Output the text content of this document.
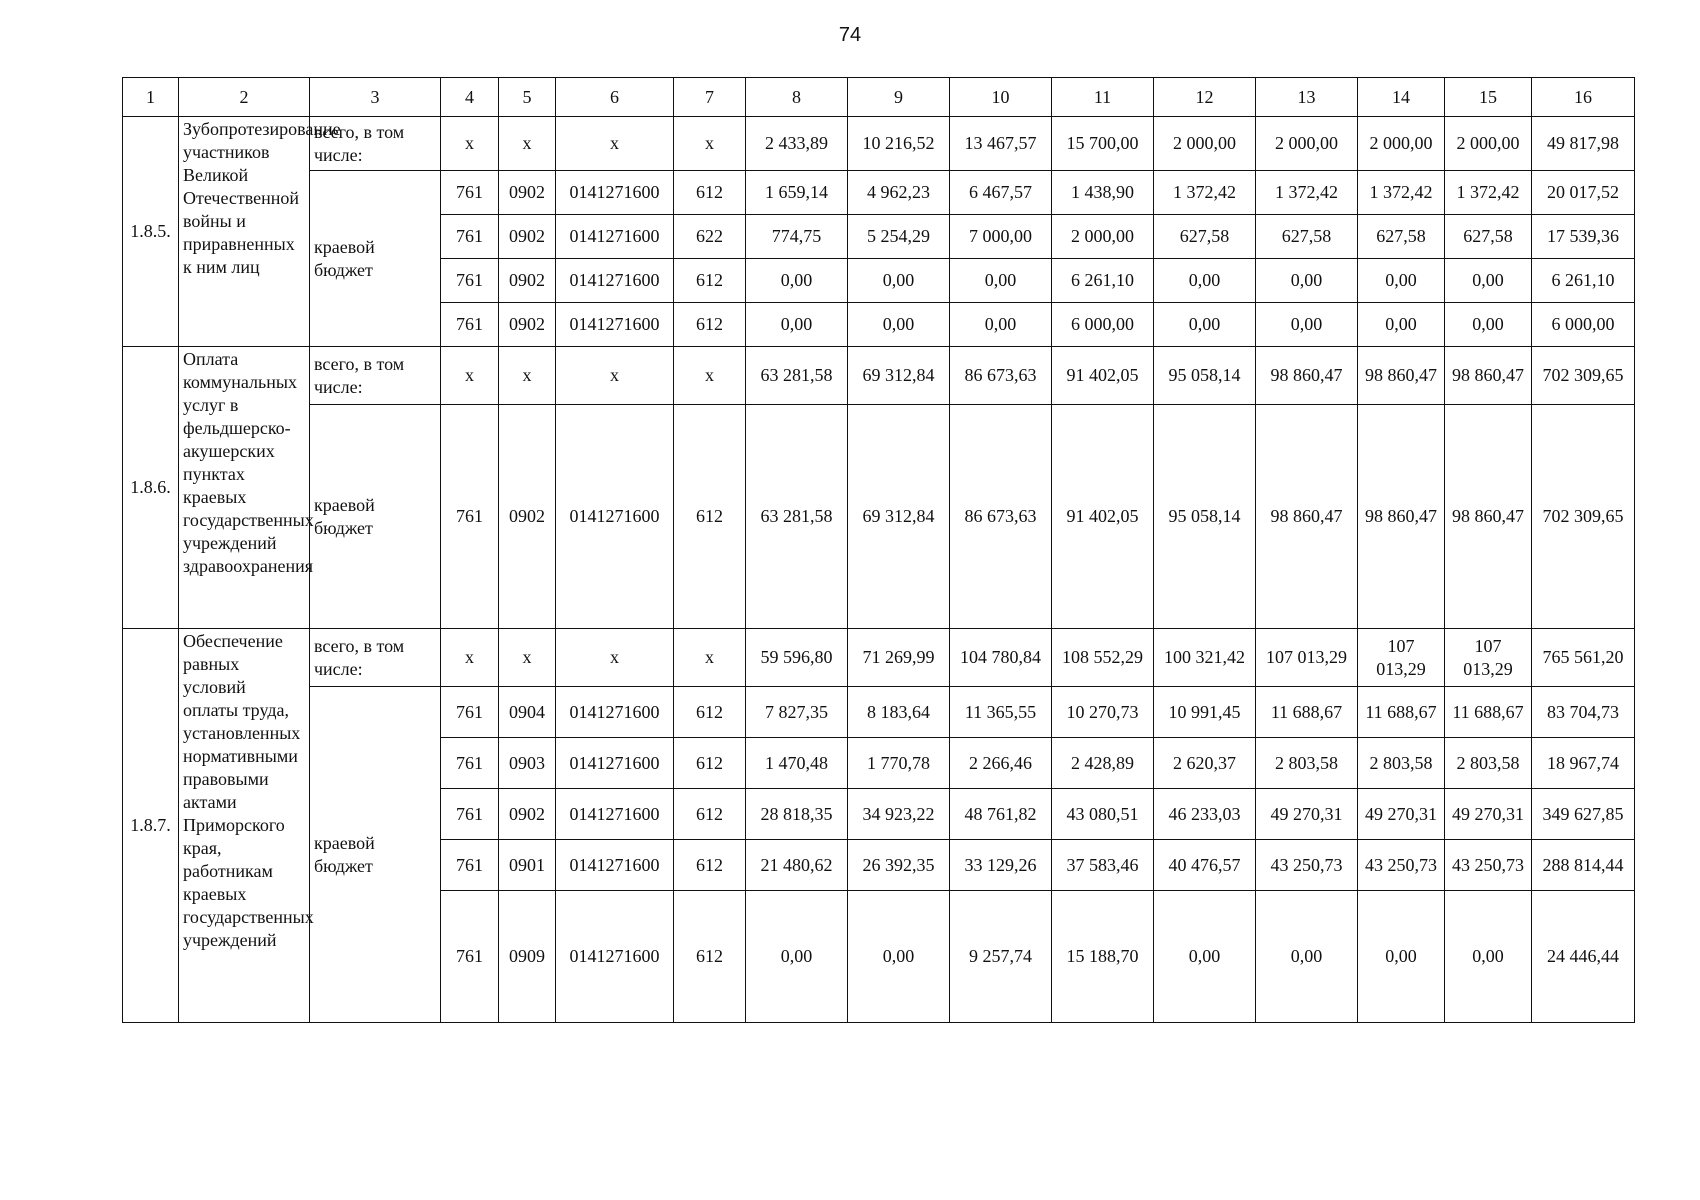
74
1	2	3	4	5	6	7	8	9	10	11	12	13	14	15	16
1.8.5.	Зубопротезирование участников Великой Отечественной войны и приравненных к ним лиц	всего, в том числе:	х	х	х	х	2 433,89	10 216,52	13 467,57	15 700,00	2 000,00	2 000,00	2 000,00	2 000,00	49 817,98
		краевой бюджет	761	0902	0141271600	612	1 659,14	4 962,23	6 467,57	1 438,90	1 372,42	1 372,42	1 372,42	1 372,42	20 017,52
			761	0902	0141271600	622	774,75	5 254,29	7 000,00	2 000,00	627,58	627,58	627,58	627,58	17 539,36
			761	0902	0141271600	612	0,00	0,00	0,00	6 261,10	0,00	0,00	0,00	0,00	6 261,10
			761	0902	0141271600	612	0,00	0,00	0,00	6 000,00	0,00	0,00	0,00	0,00	6 000,00
1.8.6.	Оплата коммунальных услуг в фельдшерско-акушерских пунктах краевых государственных учреждений здравоохранения	всего, в том числе:	х	х	х	х	63 281,58	69 312,84	86 673,63	91 402,05	95 058,14	98 860,47	98 860,47	98 860,47	702 309,65
		краевой бюджет	761	0902	0141271600	612	63 281,58	69 312,84	86 673,63	91 402,05	95 058,14	98 860,47	98 860,47	98 860,47	702 309,65
1.8.7.	Обеспечение равных условий оплаты труда, установленных нормативными правовыми актами Приморского края, работникам краевых государственных учреждений	всего, в том числе:	х	х	х	х	59 596,80	71 269,99	104 780,84	108 552,29	100 321,42	107 013,29	107 013,29	107 013,29	765 561,20
		краевой бюджет	761	0904	0141271600	612	7 827,35	8 183,64	11 365,55	10 270,73	10 991,45	11 688,67	11 688,67	11 688,67	83 704,73
			761	0903	0141271600	612	1 470,48	1 770,78	2 266,46	2 428,89	2 620,37	2 803,58	2 803,58	2 803,58	18 967,74
			761	0902	0141271600	612	28 818,35	34 923,22	48 761,82	43 080,51	46 233,03	49 270,31	49 270,31	49 270,31	349 627,85
			761	0901	0141271600	612	21 480,62	26 392,35	33 129,26	37 583,46	40 476,57	43 250,73	43 250,73	43 250,73	288 814,44
			761	0909	0141271600	612	0,00	0,00	9 257,74	15 188,70	0,00	0,00	0,00	0,00	24 446,44
